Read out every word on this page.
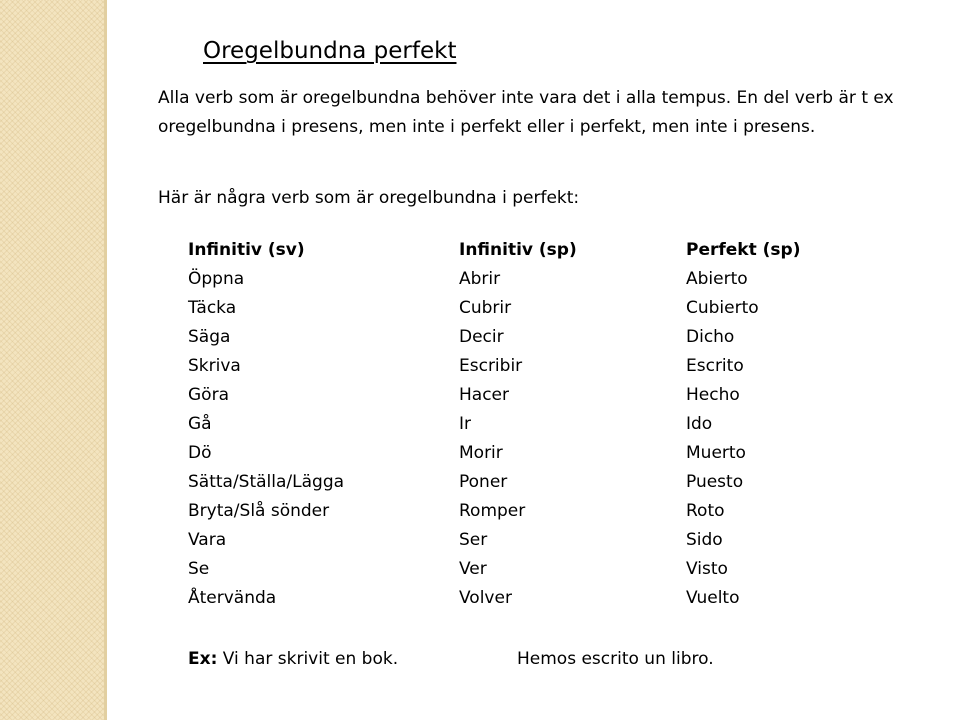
Oregelbundna perfekt

Alla verb som är oregelbundna behöver inte vara det i alla tempus. En del verb är t ex oregelbundna i presens, men inte i perfekt eller i perfekt, men inte i presens.

Här är några verb som är oregelbundna i perfekt:
Infinitiv (sv)
Öppna
Täcka
Säga
Skriva
Göra
Gå
Dö
Sätta/Ställa/Lägga
Bryta/Slå sönder
Vara
Se
Återvända
Infinitiv (sp)
Abrir
Cubrir
Decir
Escribir
Hacer
Ir
Morir
Poner
Romper
Ser
Ver
Volver
Perfekt (sp)
Abierto
Cubierto
Dicho
Escrito
Hecho
Ido
Muerto
Puesto
Roto
Sido
Visto
Vuelto
Ex: Vi har skrivit en bok.	Hemos escrito un libro.
